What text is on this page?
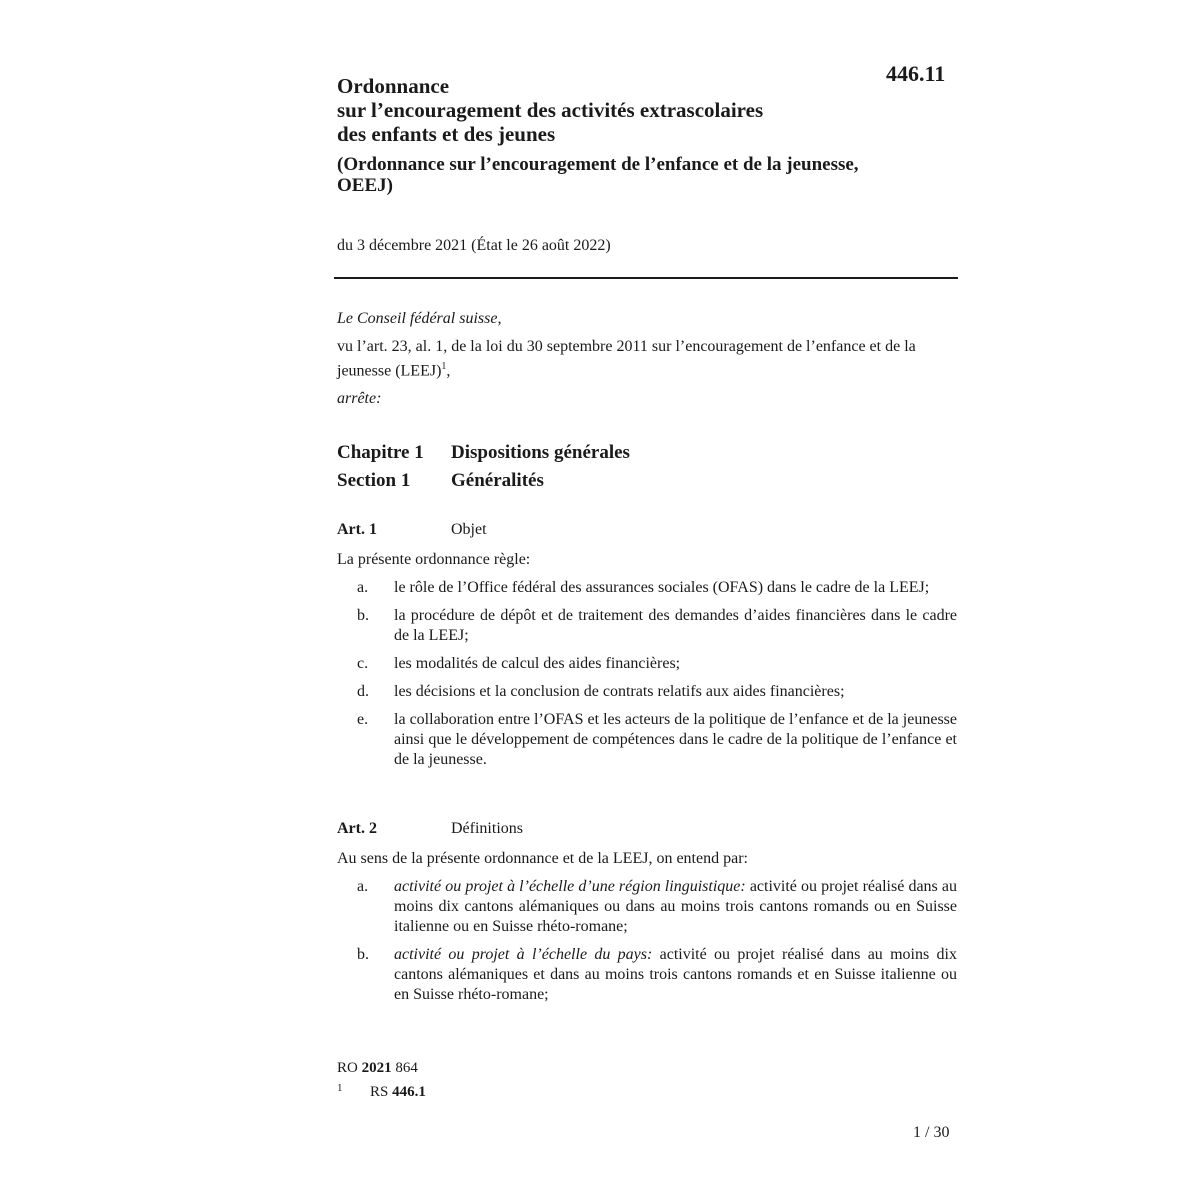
Ordonnance
sur l’encouragement des activités extrascolaires
des enfants et des jeunes
446.11
(Ordonnance sur l’encouragement de l’enfance et de la jeunesse,
OEEJ)
du 3 décembre 2021 (État le 26 août 2022)

Le Conseil fédéral suisse,

vu l’art. 23, al. 1, de la loi du 30 septembre 2011 sur l’encouragement de l’enfance et de la jeunesse (LEEJ)$^1$,

arrête:

Chapitre 1 Dispositions générales
Section 1 Généralités
Art. 1	Objet
La présente ordonnance règle:
a.	le rôle de l’Office fédéral des assurances sociales (OFAS) dans le cadre de la LEEJ;
b.	la procédure de dépôt et de traitement des demandes d’aides financières dans le cadre de la LEEJ;
c.	les modalités de calcul des aides financières;
d.	les décisions et la conclusion de contrats relatifs aux aides financières;
e.	la collaboration entre l’OFAS et les acteurs de la politique de l’enfance et de la jeunesse ainsi que le développement de compétences dans le cadre de la politique de l’enfance et de la jeunesse.
Art. 2	Définitions
Au sens de la présente ordonnance et de la LEEJ, on entend par:
a.	activité ou projet à l’échelle d’une région linguistique: activité ou projet réalisé dans au moins dix cantons alémaniques ou dans au moins trois cantons romands ou en Suisse italienne ou en Suisse rhéto-romane;
b.	activité ou projet à l’échelle du pays: activité ou projet réalisé dans au moins dix cantons alémaniques et dans au moins trois cantons romands et en Suisse italienne ou en Suisse rhéto-romane;
RO 2021 864
1 RS 446.1
1 / 30
